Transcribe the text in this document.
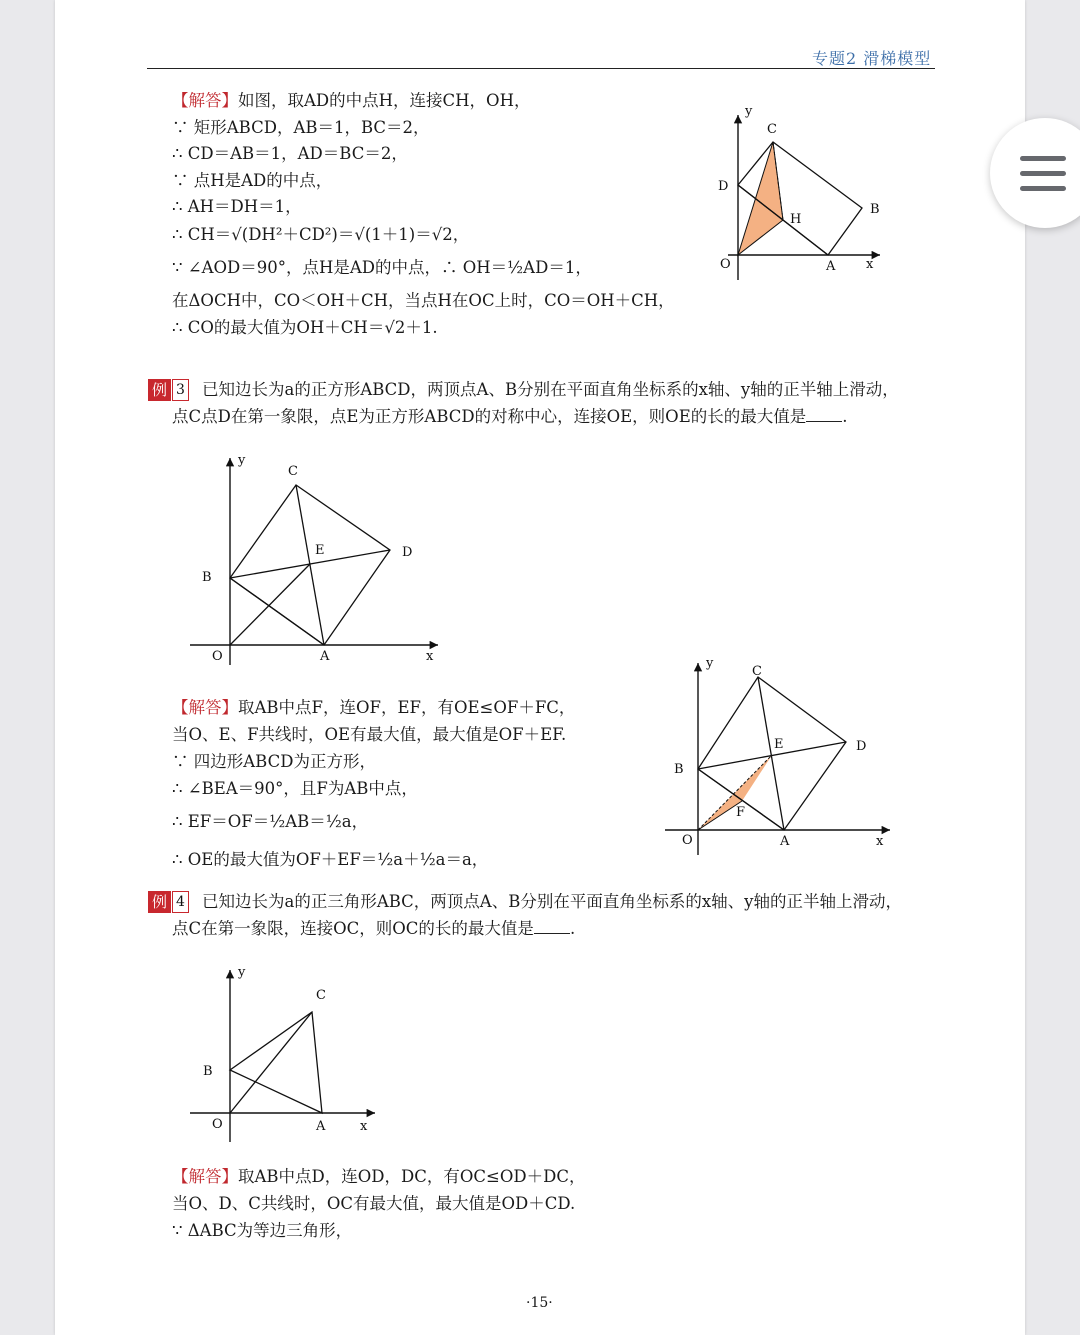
专题2 滑梯模型
【解答】如图，取AD的中点H，连接CH，OH，
∵ 矩形ABCD，AB＝1，BC＝2，
∴ CD＝AB＝1，AD＝BC＝2，
∵ 点H是AD的中点，
∴ AH＝DH＝1，
∴ CH＝√(DH²＋CD²)＝√(1＋1)＝√2，
∵ ∠AOD＝90°，点H是AD的中点，∴ OH＝½AD＝1，
在ΔOCH中，CO＜OH＋CH，当点H在OC上时，CO＝OH＋CH，
∴ CO的最大值为OH＋CH＝√2＋1.
y
x
O
C
D
B
H
A
例 3 已知边长为a的正方形ABCD，两顶点A、B分别在平面直角坐标系的x轴、y轴的正半轴上滑动，
点C点D在第一象限，点E为正方形ABCD的对称中心，连接OE，则OE的长的最大值是 .
y
x
O
C
B
E	D
A
【解答】取AB中点F，连OF，EF，有OE≤OF＋FC，
当O、E、F共线时，OE有最大值，最大值是OF＋EF.
∵ 四边形ABCD为正方形，
∴ ∠BEA＝90°，且F为AB中点，
∴ EF＝OF＝½AB＝½a，
∴ OE的最大值为OF＋EF＝½a＋½a＝a，
y
x
O
C
B
E	D
F
A
例 4 已知边长为a的正三角形ABC，两顶点A、B分别在平面直角坐标系的x轴、y轴的正半轴上滑动，
点C在第一象限，连接OC，则OC的长的最大值是 .
y
x
O
C
B
A
【解答】取AB中点D，连OD，DC，有OC≤OD＋DC，
当O、D、C共线时，OC有最大值，最大值是OD＋CD.
∵ ΔABC为等边三角形，
·15·
